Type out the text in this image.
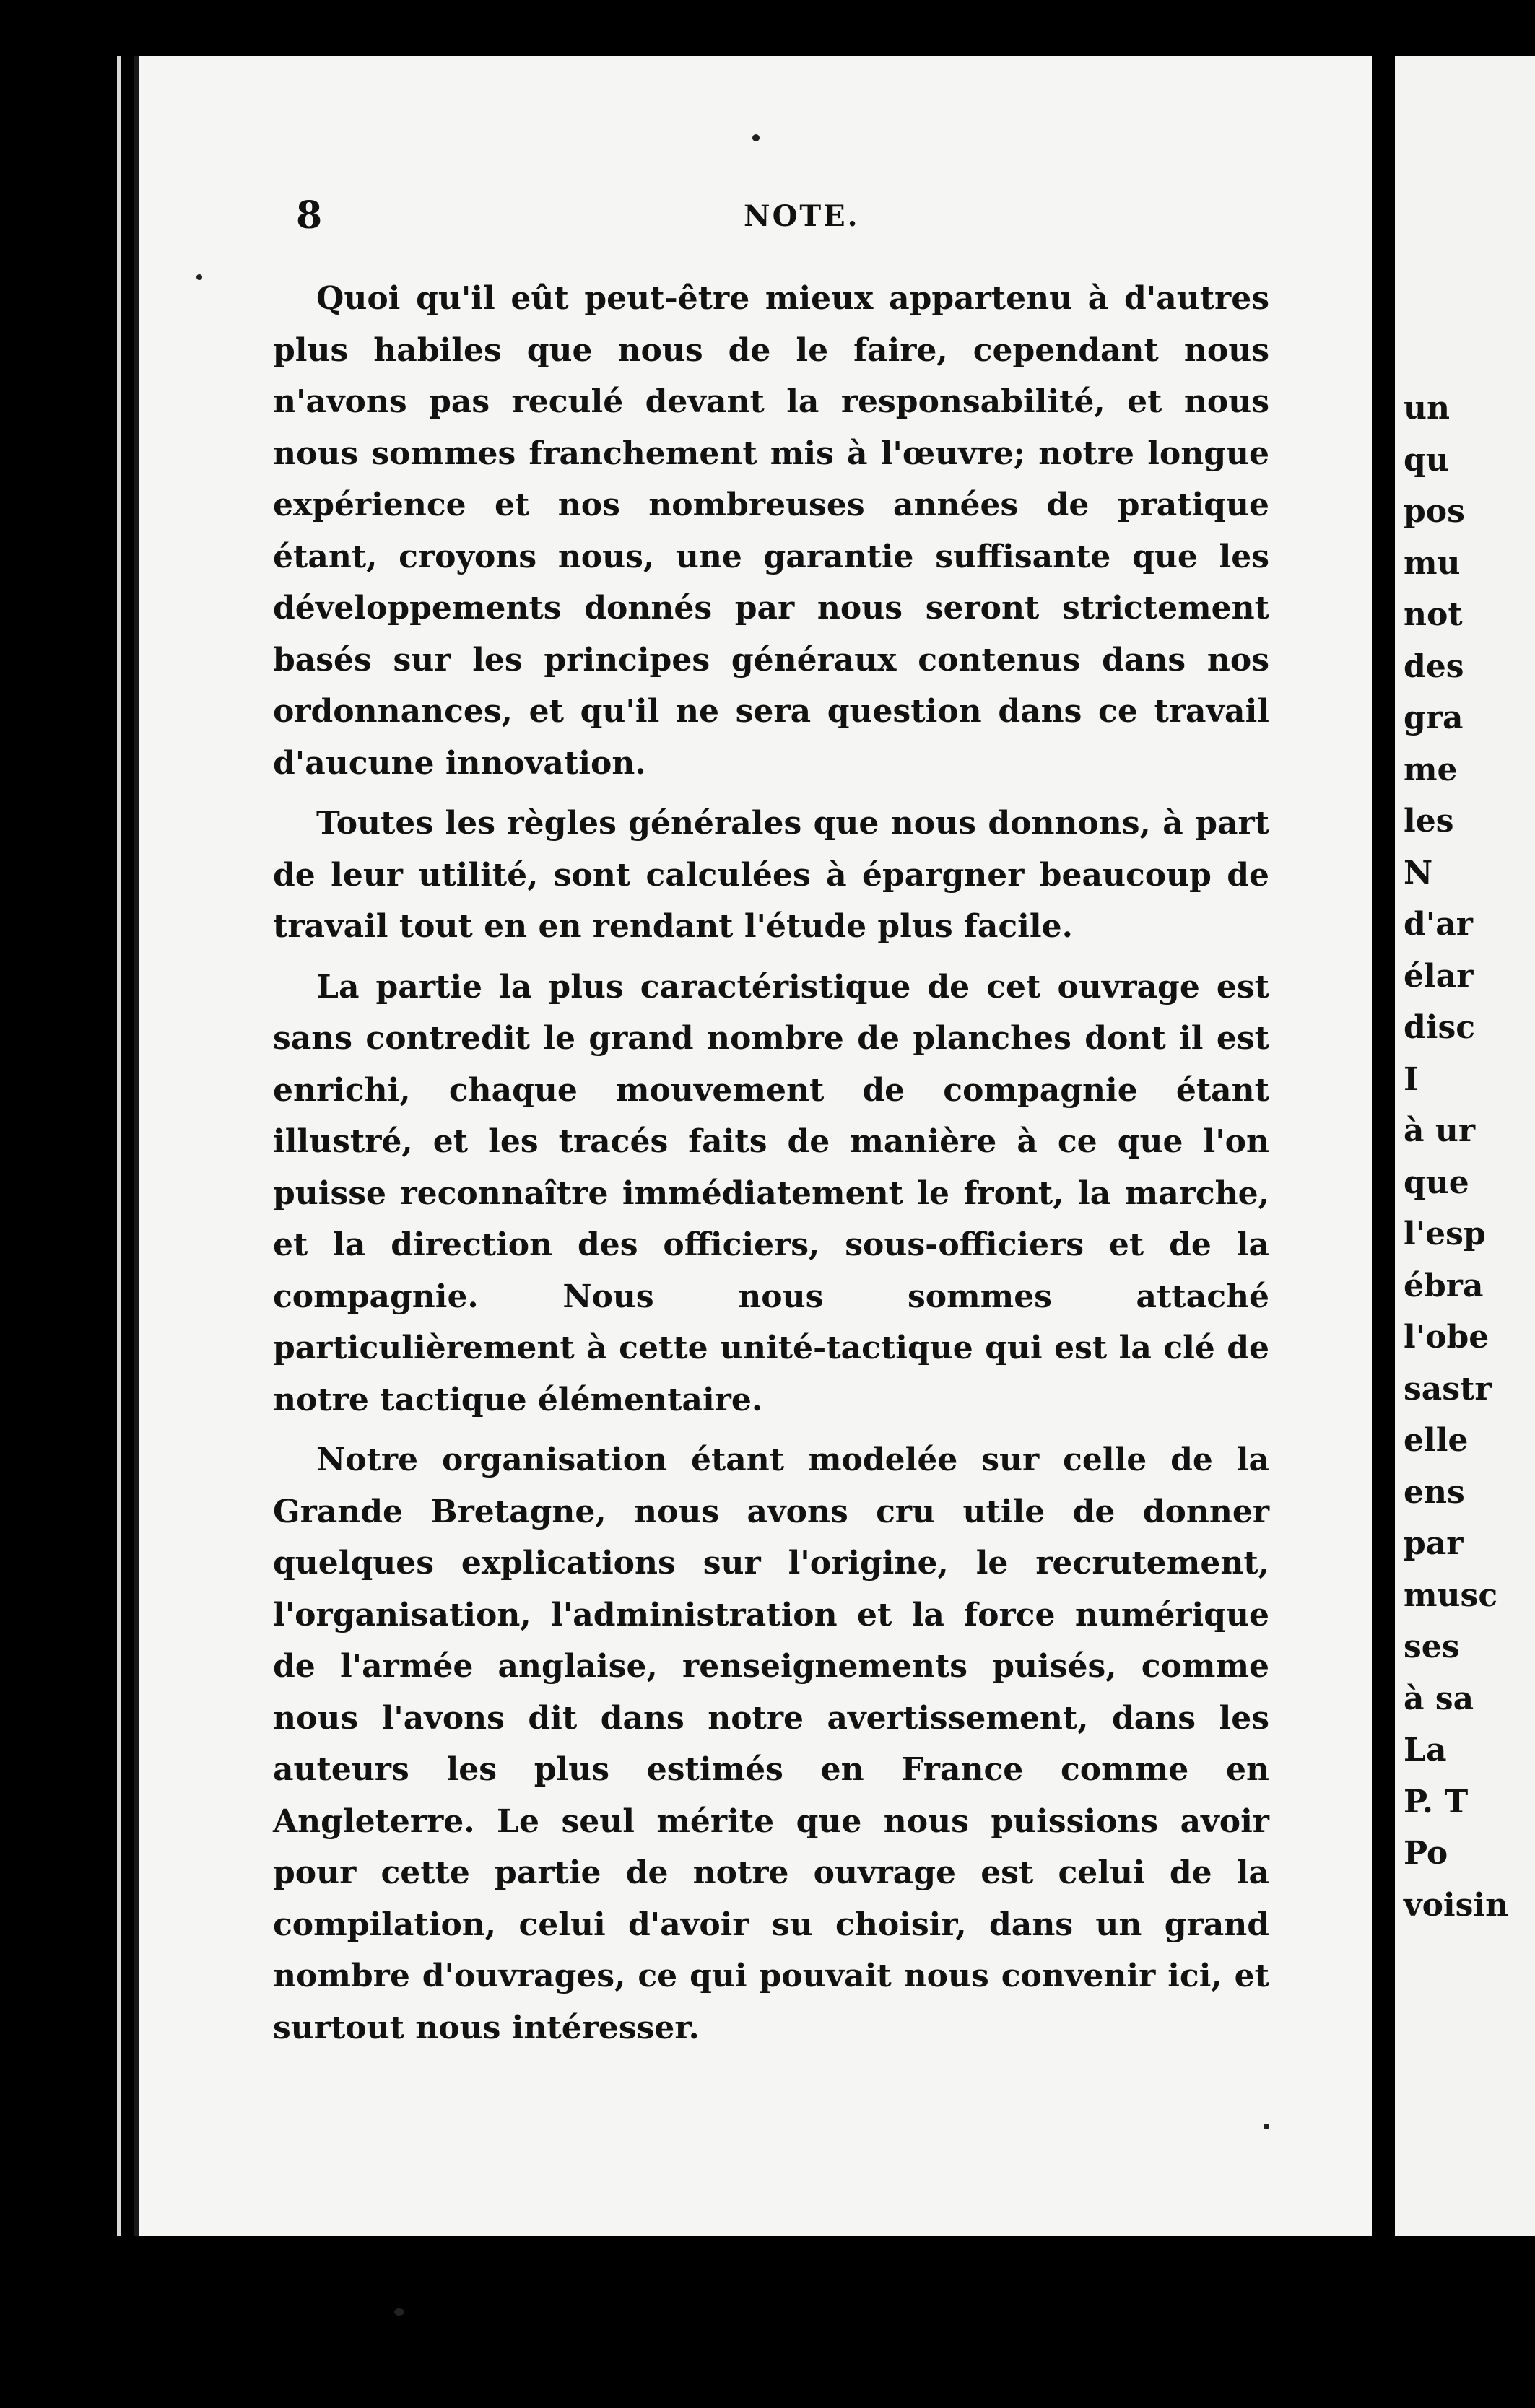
8	NOTE.

Quoi qu'il eût peut-être mieux appartenu à d'autres plus habiles que nous de le faire, cependant nous n'avons pas reculé devant la responsabilité, et nous nous sommes franchement mis à l'œuvre; notre longue expérience et nos nombreuses années de pratique étant, croyons nous, une garantie suffisante que les développements donnés par nous seront strictement basés sur les principes généraux contenus dans nos ordonnances, et qu'il ne sera question dans ce travail d'aucune innovation.

Toutes les règles générales que nous donnons, à part de leur utilité, sont calculées à épargner beaucoup de travail tout en en rendant l'étude plus facile.

La partie la plus caractéristique de cet ouvrage est sans contredit le grand nombre de planches dont il est enrichi, chaque mouvement de compagnie étant illustré, et les tracés faits de manière à ce que l'on puisse reconnaître immédiatement le front, la marche, et la direction des officiers, sous-officiers et de la compagnie. Nous nous sommes attaché particulièrement à cette unité-tactique qui est la clé de notre tactique élémentaire.

Notre organisation étant modelée sur celle de la Grande Bretagne, nous avons cru utile de donner quelques explications sur l'origine, le recrutement, l'organisation, l'administration et la force numérique de l'armée anglaise, renseignements puisés, comme nous l'avons dit dans notre avertissement, dans les auteurs les plus estimés en France comme en Angleterre. Le seul mérite que nous puissions avoir pour cette partie de notre ouvrage est celui de la compilation, celui d'avoir su choisir, dans un grand nombre d'ouvrages, ce qui pouvait nous convenir ici, et surtout nous intéresser.

un
qu
pos
mu
not
des
gra
me
les
N
d'ar
élar
disc
I
à ur
que
l'esp
ébra
l'obe
sastr
elle
ens
par
musc
ses
à sa
La
P. T
Po
voisin
